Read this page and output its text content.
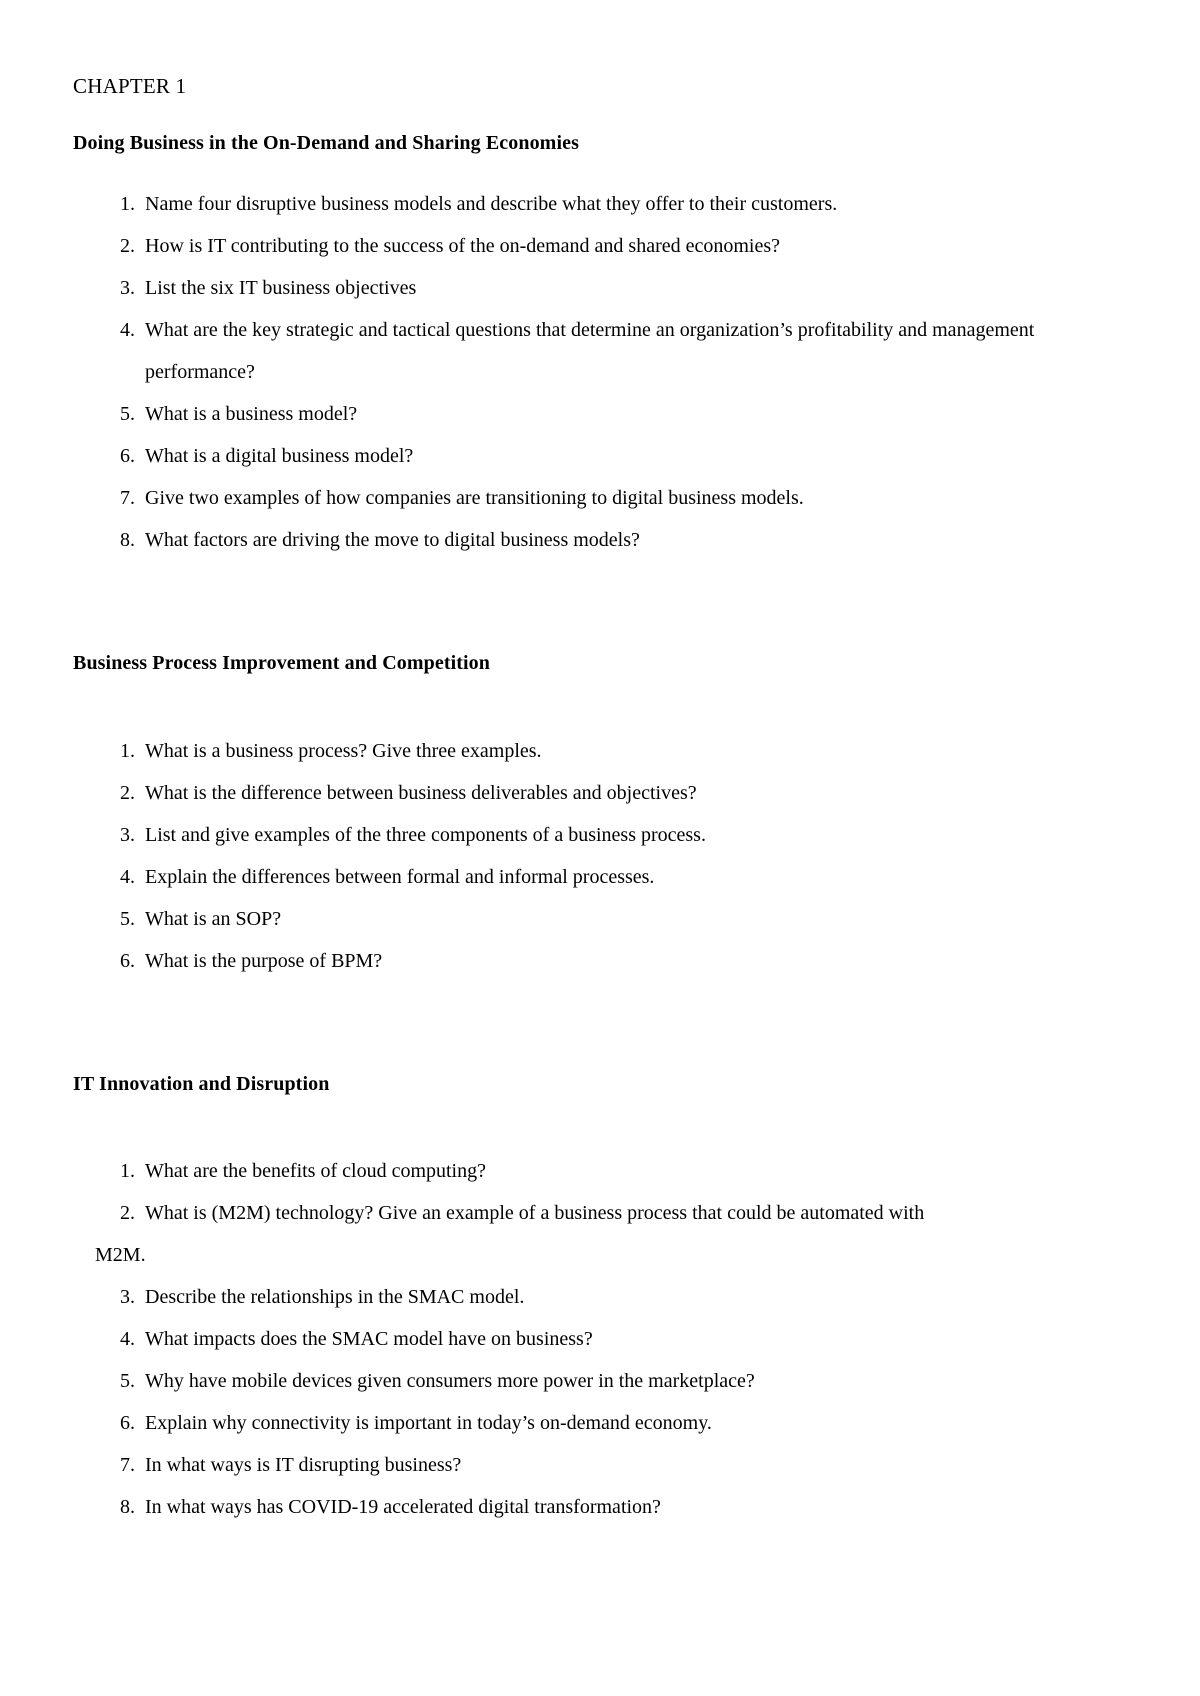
CHAPTER 1
Doing Business in the On-Demand and Sharing Economies
1. Name four disruptive business models and describe what they offer to their customers.
2. How is IT contributing to the success of the on-demand and shared economies?
3. List the six IT business objectives
4. What are the key strategic and tactical questions that determine an organization’s profitability and management performance?
5. What is a business model?
6. What is a digital business model?
7. Give two examples of how companies are transitioning to digital business models.
8. What factors are driving the move to digital business models?
Business Process Improvement and Competition
1. What is a business process? Give three examples.
2. What is the difference between business deliverables and objectives?
3. List and give examples of the three components of a business process.
4. Explain the differences between formal and informal processes.
5. What is an SOP?
6. What is the purpose of BPM?
IT Innovation and Disruption
1. What are the benefits of cloud computing?
2. What is (M2M) technology? Give an example of a business process that could be automated with
M2M.
3. Describe the relationships in the SMAC model.
4. What impacts does the SMAC model have on business?
5. Why have mobile devices given consumers more power in the marketplace?
6. Explain why connectivity is important in today’s on-demand economy.
7. In what ways is IT disrupting business?
8. In what ways has COVID-19 accelerated digital transformation?
